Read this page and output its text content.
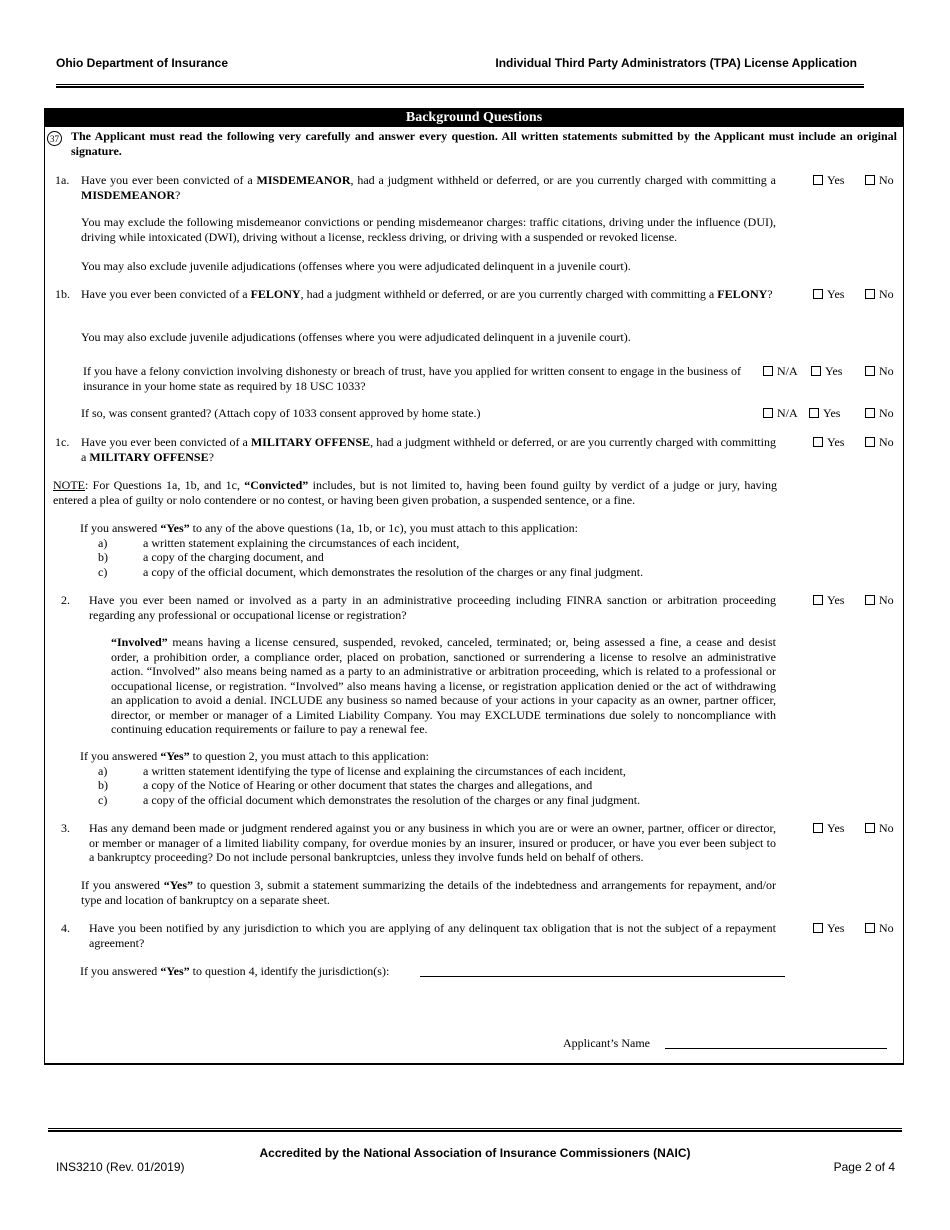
Ohio Department of Insurance	Individual Third Party Administrators (TPA) License Application
Background Questions
37 The Applicant must read the following very carefully and answer every question. All written statements submitted by the Applicant must include an original signature.
1a. Have you ever been convicted of a MISDEMEANOR, had a judgment withheld or deferred, or are you currently charged with committing a MISDEMEANOR?
Yes	No
You may exclude the following misdemeanor convictions or pending misdemeanor charges: traffic citations, driving under the influence (DUI), driving while intoxicated (DWI), driving without a license, reckless driving, or driving with a suspended or revoked license.
You may also exclude juvenile adjudications (offenses where you were adjudicated delinquent in a juvenile court).
1b. Have you ever been convicted of a FELONY, had a judgment withheld or deferred, or are you currently charged with committing a FELONY?	Yes	No
You may also exclude juvenile adjudications (offenses where you were adjudicated delinquent in a juvenile court).
If you have a felony conviction involving dishonesty or breach of trust, have you applied for written consent to engage in the business of insurance in your home state as required by 18 USC 1033?
N/A	Yes	No
If so, was consent granted? (Attach copy of 1033 consent approved by home state.)	N/A	Yes	No
1c. Have you ever been convicted of a MILITARY OFFENSE, had a judgment withheld or deferred, or are you currently charged with committing a MILITARY OFFENSE?
Yes	No
NOTE: For Questions 1a, 1b, and 1c, “Convicted” includes, but is not limited to, having been found guilty by verdict of a judge or jury, having entered a plea of guilty or nolo contendere or no contest, or having been given probation, a suspended sentence, or a fine.
If you answered “Yes” to any of the above questions (1a, 1b, or 1c), you must attach to this application:
a)	a written statement explaining the circumstances of each incident,
b)	a copy of the charging document, and
c)	a copy of the official document, which demonstrates the resolution of the charges or any final judgment.
2. Have you ever been named or involved as a party in an administrative proceeding including FINRA sanction or arbitration proceeding regarding any professional or occupational license or registration?
Yes	No
“Involved” means having a license censured, suspended, revoked, canceled, terminated; or, being assessed a fine, a cease and desist order, a prohibition order, a compliance order, placed on probation, sanctioned or surrendering a license to resolve an administrative action. “Involved” also means being named as a party to an administrative or arbitration proceeding, which is related to a professional or occupational license, or registration. “Involved” also means having a license, or registration application denied or the act of withdrawing an application to avoid a denial. INCLUDE any business so named because of your actions in your capacity as an owner, partner officer, director, or member or manager of a Limited Liability Company. You may EXCLUDE terminations due solely to noncompliance with continuing education requirements or failure to pay a renewal fee.
If you answered “Yes” to question 2, you must attach to this application:
a)	a written statement identifying the type of license and explaining the circumstances of each incident,
b)	a copy of the Notice of Hearing or other document that states the charges and allegations, and
c)	a copy of the official document which demonstrates the resolution of the charges or any final judgment.
3. Has any demand been made or judgment rendered against you or any business in which you are or were an owner, partner, officer or director, or member or manager of a limited liability company, for overdue monies by an insurer, insured or producer, or have you ever been subject to a bankruptcy proceeding? Do not include personal bankruptcies, unless they involve funds held on behalf of others.
Yes	No
If you answered “Yes” to question 3, submit a statement summarizing the details of the indebtedness and arrangements for repayment, and/or type and location of bankruptcy on a separate sheet.
4. Have you been notified by any jurisdiction to which you are applying of any delinquent tax obligation that is not the subject of a repayment agreement?
Yes	No
If you answered “Yes” to question 4, identify the jurisdiction(s):
Applicant’s Name
Accredited by the National Association of Insurance Commissioners (NAIC)
INS3210 (Rev. 01/2019)	Page 2 of 4
